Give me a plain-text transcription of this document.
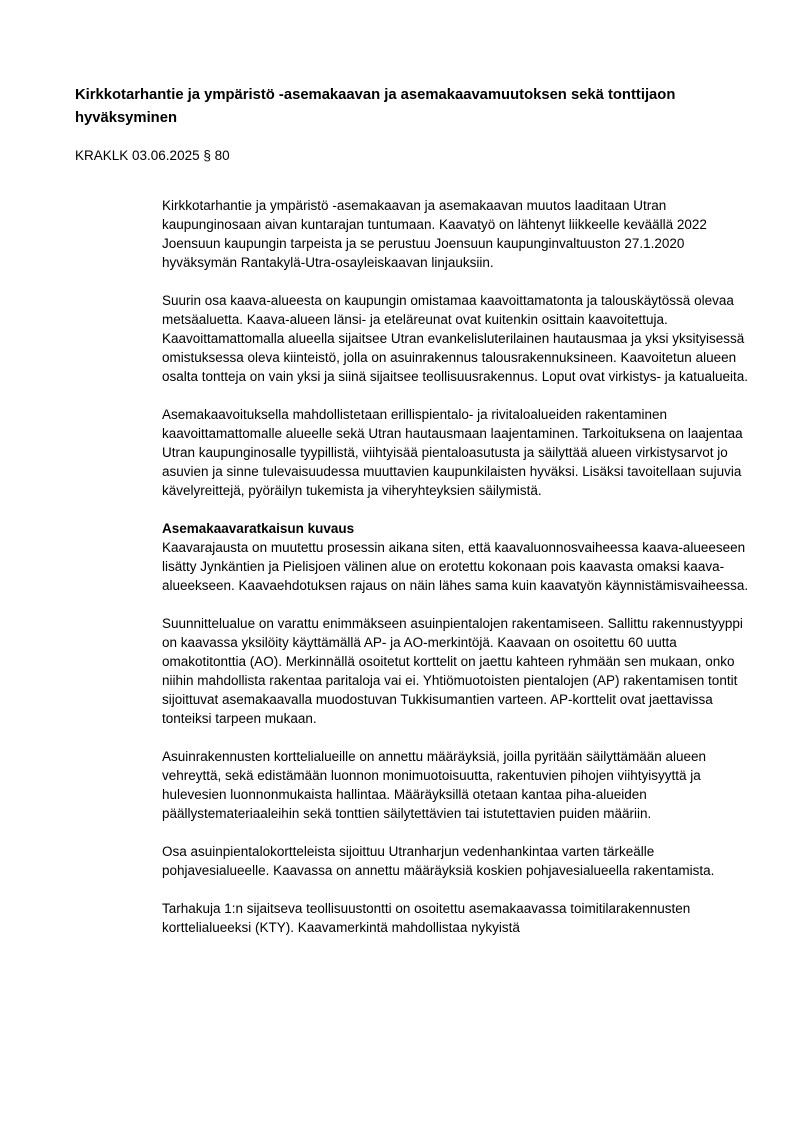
Kirkkotarhantie ja ympäristö -asemakaavan ja asemakaavamuutoksen sekä tonttijaon hyväksyminen

KRAKLK 03.06.2025 § 80

Kirkkotarhantie ja ympäristö -asemakaavan ja asemakaavan muutos laaditaan Utran kaupunginosaan aivan kuntarajan tuntumaan. Kaavatyö on lähtenyt liikkeelle keväällä 2022 Joensuun kaupungin tarpeista ja se perustuu Joensuun kaupunginvaltuuston 27.1.2020 hyväksymän Rantakylä-Utra-osayleiskaavan linjauksiin.

Suurin osa kaava-alueesta on kaupungin omistamaa kaavoittamatonta ja talouskäytössä olevaa metsäaluetta. Kaava-alueen länsi- ja eteläreunat ovat kuitenkin osittain kaavoitettuja. Kaavoittamattomalla alueella sijaitsee Utran evankelisluterilainen hautausmaa ja yksi yksityisessä omistuksessa oleva kiinteistö, jolla on asuinrakennus talousrakennuksineen. Kaavoitetun alueen osalta tontteja on vain yksi ja siinä sijaitsee teollisuusrakennus. Loput ovat virkistys- ja katualueita.

Asemakaavoituksella mahdollistetaan erillispientalo- ja rivitaloalueiden rakentaminen kaavoittamattomalle alueelle sekä Utran hautausmaan laajentaminen. Tarkoituksena on laajentaa Utran kaupunginosalle tyypillistä, viihtyisää pientaloasutusta ja säilyttää alueen virkistysarvot jo asuvien ja sinne tulevaisuudessa muuttavien kaupunkilaisten hyväksi. Lisäksi tavoitellaan sujuvia kävelyreittejä, pyöräilyn tukemista ja viheryhteyksien säilymistä.

Asemakaavaratkaisun kuvaus

Kaavarajausta on muutettu prosessin aikana siten, että kaavaluonnosvaiheessa kaava-alueeseen lisätty Jynkäntien ja Pielisjoen välinen alue on erotettu kokonaan pois kaavasta omaksi kaava-alueekseen. Kaavaehdotuksen rajaus on näin lähes sama kuin kaavatyön käynnistämisvaiheessa.

Suunnittelualue on varattu enimmäkseen asuinpientalojen rakentamiseen. Sallittu rakennustyyppi on kaavassa yksilöity käyttämällä AP- ja AO-merkintöjä. Kaavaan on osoitettu 60 uutta omakotitonttia (AO). Merkinnällä osoitetut korttelit on jaettu kahteen ryhmään sen mukaan, onko niihin mahdollista rakentaa paritaloja vai ei. Yhtiömuotoisten pientalojen (AP) rakentamisen tontit sijoittuvat asemakaavalla muodostuvan Tukkisumantien varteen. AP-korttelit ovat jaettavissa tonteiksi tarpeen mukaan.

Asuinrakennusten korttelialueille on annettu määräyksiä, joilla pyritään säilyttämään alueen vehreyttä, sekä edistämään luonnon monimuotoisuutta, rakentuvien pihojen viihtyisyyttä ja hulevesien luonnonmukaista hallintaa. Määräyksillä otetaan kantaa piha-alueiden päällystemateriaaleihin sekä tonttien säilytettävien tai istutettavien puiden määriin.

Osa asuinpientalokortteleista sijoittuu Utranharjun vedenhankintaa varten tärkeälle pohjavesialueelle. Kaavassa on annettu määräyksiä koskien pohjavesialueella rakentamista.

Tarhakuja 1:n sijaitseva teollisuustontti on osoitettu asemakaavassa toimitilarakennusten korttelialueeksi (KTY). Kaavamerkintä mahdollistaa nykyistä
